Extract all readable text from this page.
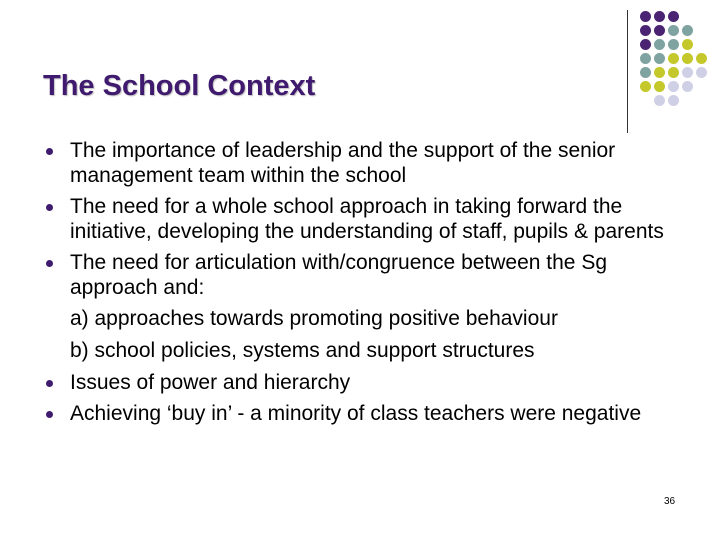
The School Context
The importance of leadership and the support of the senior management team within the school
The need for a whole school approach in taking forward the initiative, developing the understanding of staff, pupils & parents
The need for articulation with/congruence between the Sg approach and:
a) approaches towards promoting positive behaviour
b) school policies, systems and support structures
Issues of power and hierarchy
Achieving ‘buy in’ - a minority of class teachers were negative
36
